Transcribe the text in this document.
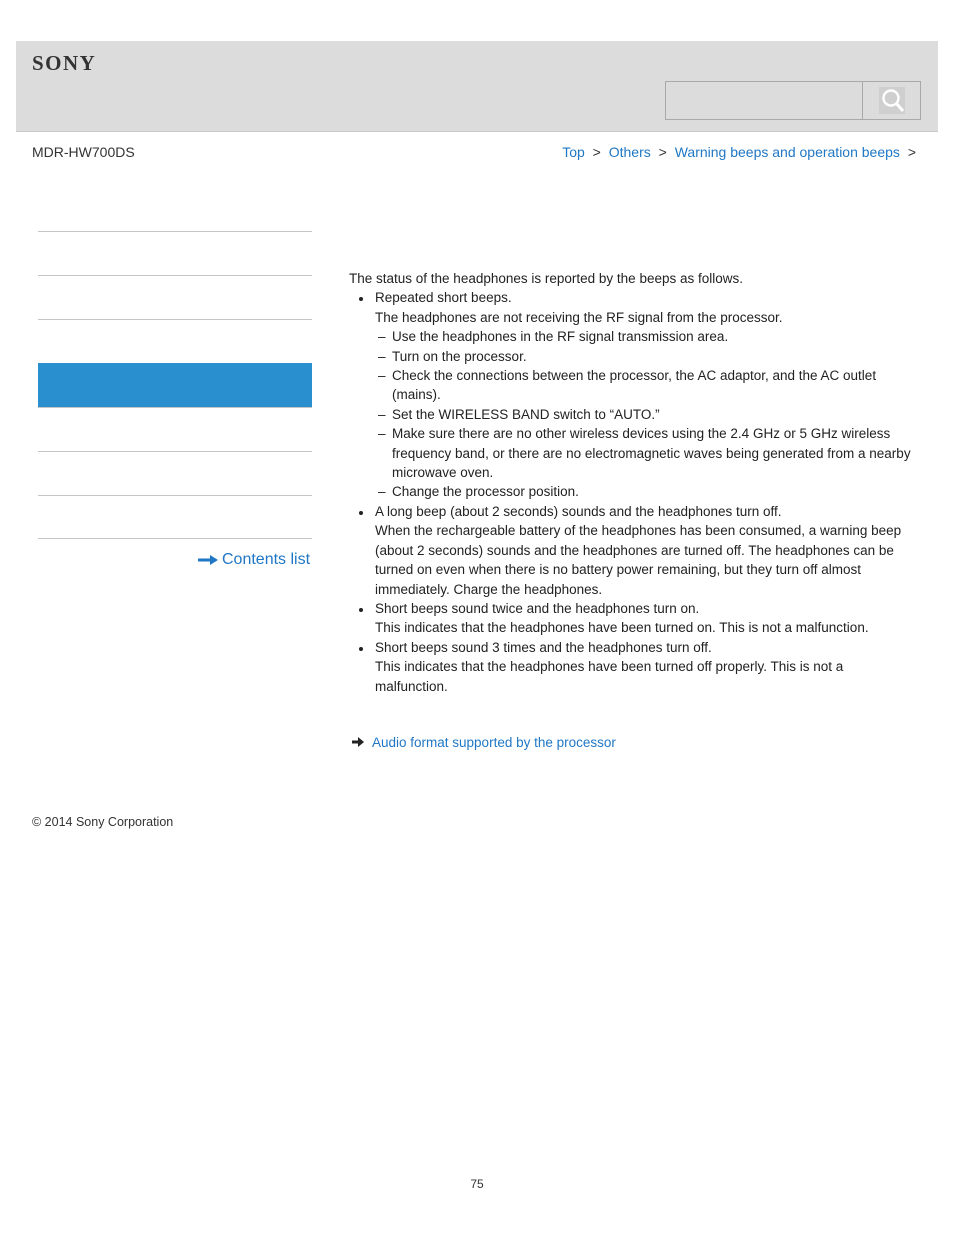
SONY
MDR-HW700DS	Top > Others > Warning beeps and operation beeps >
Contents list

The status of the headphones is reported by the beeps as follows.

Repeated short beeps.
The headphones are not receiving the RF signal from the processor.
– Use the headphones in the RF signal transmission area.
– Turn on the processor.
– Check the connections between the processor, the AC adaptor, and the AC outlet (mains).
– Set the WIRELESS BAND switch to “AUTO.”
– Make sure there are no other wireless devices using the 2.4 GHz or 5 GHz wireless frequency band, or there are no electromagnetic waves being generated from a nearby microwave oven.
– Change the processor position.
A long beep (about 2 seconds) sounds and the headphones turn off.
When the rechargeable battery of the headphones has been consumed, a warning beep (about 2 seconds) sounds and the headphones are turned off. The headphones can be turned on even when there is no battery power remaining, but they turn off almost immediately. Charge the headphones.
Short beeps sound twice and the headphones turn on.
This indicates that the headphones have been turned on. This is not a malfunction.
Short beeps sound 3 times and the headphones turn off.
This indicates that the headphones have been turned off properly. This is not a malfunction.
Audio format supported by the processor
© 2014 Sony Corporation
75
